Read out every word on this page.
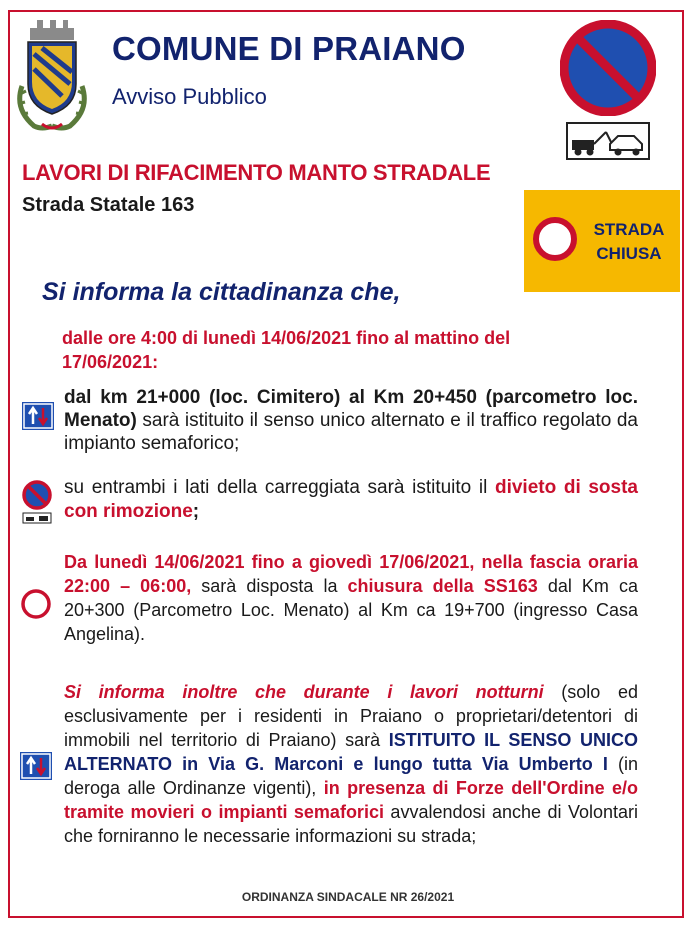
COMUNE DI PRAIANO
Avviso Pubblico
LAVORI DI RIFACIMENTO MANTO STRADALE
Strada Statale 163
STRADA
CHIUSA
Si informa la cittadinanza che,
dalle ore 4:00 di lunedì 14/06/2021 fino al mattino del
17/06/2021:
dal km 21+000 (loc. Cimitero) al Km 20+450 (parcometro loc. Menato) sarà istituito il senso unico alternato e il traffico regolato da impianto semaforico;
su entrambi i lati della carreggiata sarà istituito il divieto di sosta con rimozione;
Da lunedì 14/06/2021 fino a giovedì 17/06/2021, nella fascia oraria 22:00 – 06:00, sarà disposta la chiusura della SS163 dal Km ca 20+300 (Parcometro Loc. Menato) al Km ca 19+700 (ingresso Casa Angelina).
Si informa inoltre che durante i lavori notturni (solo ed esclusivamente per i residenti in Praiano o proprietari/detentori di immobili nel territorio di Praiano) sarà ISTITUITO IL SENSO UNICO ALTERNATO in Via G. Marconi e lungo tutta Via Umberto I (in deroga alle Ordinanze vigenti), in presenza di Forze dell'Ordine e/o tramite movieri o impianti semaforici avvalendosi anche di Volontari che forniranno le necessarie informazioni su strada;
ORDINANZA SINDACALE NR 26/2021
